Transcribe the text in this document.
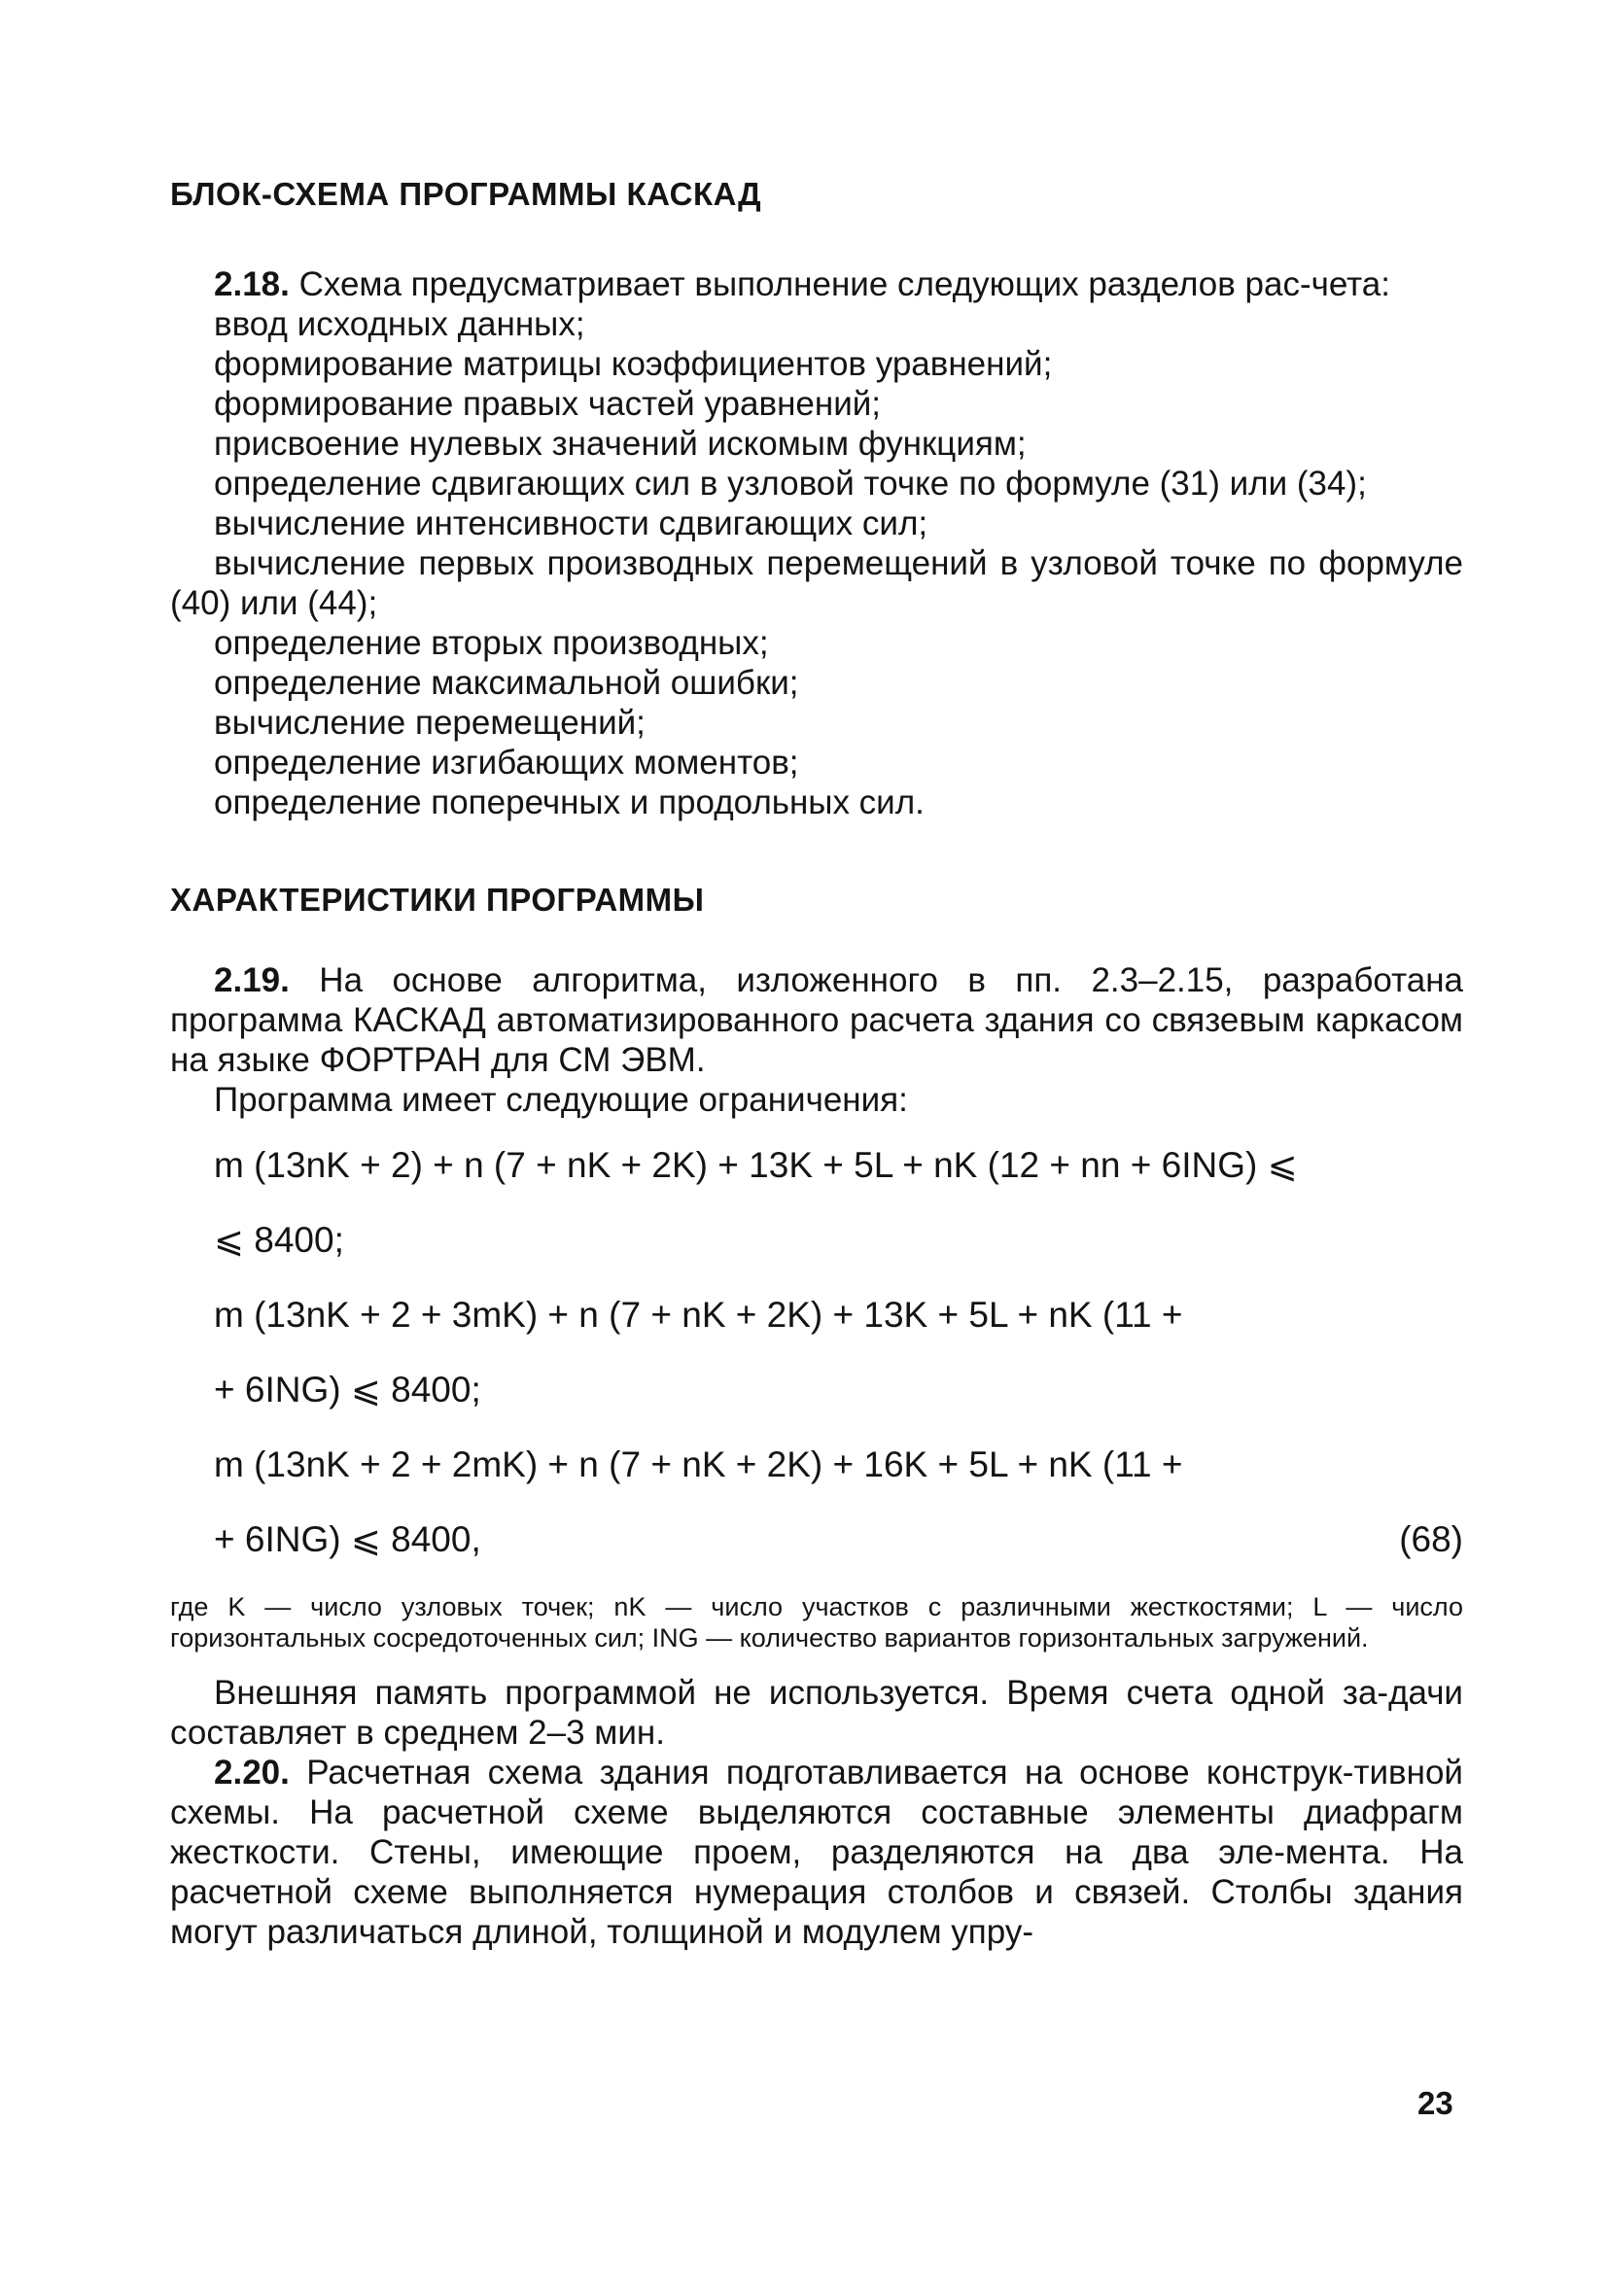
БЛОК-СХЕМА ПРОГРАММЫ КАСКАД

2.18. Схема предусматривает выполнение следующих разделов рас-чета:

ввод исходных данных;
формирование матрицы коэффициентов уравнений;
формирование правых частей уравнений;
присвоение нулевых значений искомым функциям;
определение сдвигающих сил в узловой точке по формуле (31) или (34);
вычисление интенсивности сдвигающих сил;
вычисление первых производных перемещений в узловой точке по формуле (40) или (44);
определение вторых производных;
определение максимальной ошибки;
вычисление перемещений;
определение изгибающих моментов;
определение поперечных и продольных сил.
ХАРАКТЕРИСТИКИ ПРОГРАММЫ

2.19. На основе алгоритма, изложенного в пп. 2.3–2.15, разработана программа КАСКАД автоматизированного расчета здания со связевым каркасом на языке ФОРТРАН для СМ ЭВМ.

Программа имеет следующие ограничения:

m (13nK + 2) + n (7 + nK + 2K) + 13K + 5L + nK (12 + nn + 6ING) ⩽
⩽ 8400;
m (13nK + 2 + 3mK) + n (7 + nK + 2K) + 13K + 5L + nK (11 +
+ 6ING) ⩽ 8400;
m (13nK + 2 + 2mK) + n (7 + nK + 2K) + 16K + 5L + nK (11 +
+ 6ING) ⩽ 8400,	(68)

где K — число узловых точек; nK — число участков с различными жесткостями; L — число горизонтальных сосредоточенных сил; ING — количество вариантов горизонтальных загружений.

Внешняя память программой не используется. Время счета одной за-дачи составляет в среднем 2–3 мин.

2.20. Расчетная схема здания подготавливается на основе конструк-тивной схемы. На расчетной схеме выделяются составные элементы диафрагм жесткости. Стены, имеющие проем, разделяются на два эле-мента. На расчетной схеме выполняется нумерация столбов и связей. Столбы здания могут различаться длиной, толщиной и модулем упру-

23
